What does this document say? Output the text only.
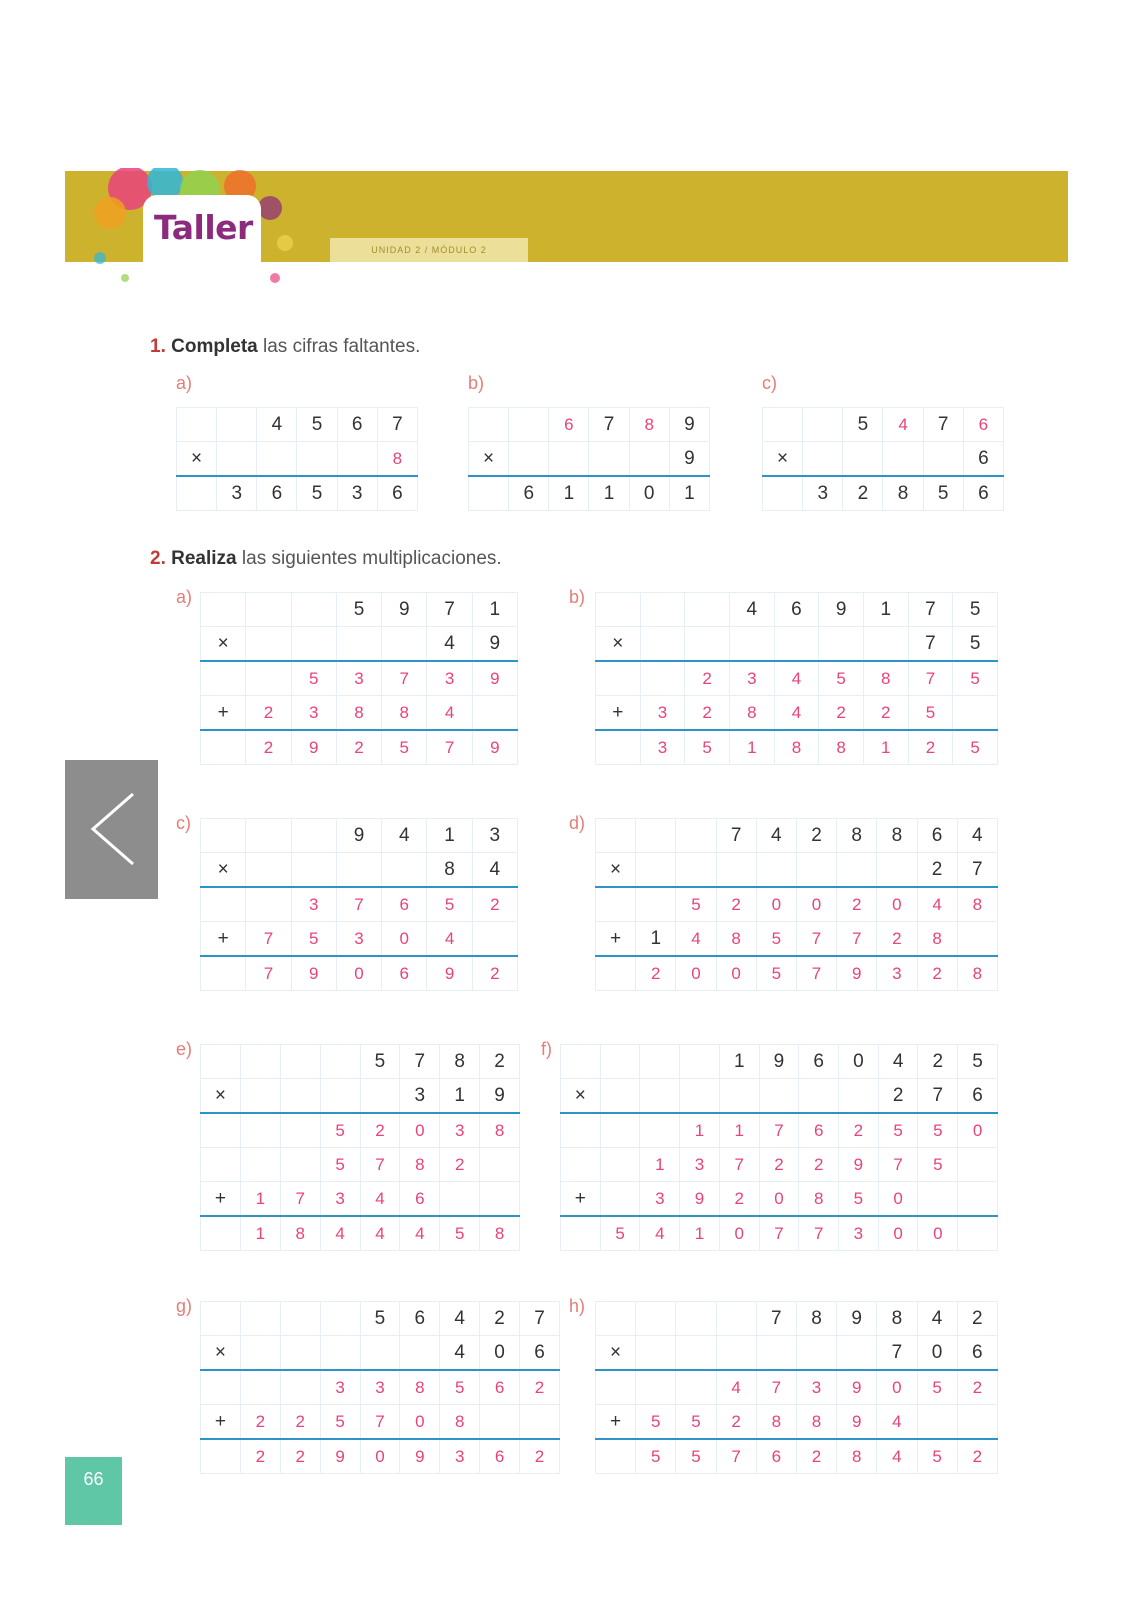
Taller
UNIDAD 2 / MÓDULO 2
1. Completa las cifras faltantes.
a)
		4	5	6	7
×					8
	3	6	5	3	6
b)
		6	7	8	9
×					9
	6	1	1	0	1
c)
		5	4	7	6
×					6
	3	2	8	5	6
2. Realiza las siguientes multiplicaciones.
a)
			5	9	7	1
×					4	9
		5	3	7	3	9
+	2	3	8	8	4	
	2	9	2	5	7	9
b)
			4	6	9	1	7	5
×							7	5
		2	3	4	5	8	7	5
+	3	2	8	4	2	2	5	
	3	5	1	8	8	1	2	5
c)
			9	4	1	3
×					8	4
		3	7	6	5	2
+	7	5	3	0	4	
	7	9	0	6	9	2
d)
			7	4	2	8	8	6	4
×								2	7
		5	2	0	0	2	0	4	8
+	1	4	8	5	7	7	2	8	
	2	0	0	5	7	9	3	2	8
e)
				5	7	8	2
×					3	1	9
			5	2	0	3	8
			5	7	8	2	
+	1	7	3	4	6		
	1	8	4	4	4	5	8
f)
				1	9	6	0	4	2	5
×								2	7	6
			1	1	7	6	2	5	5	0
		1	3	7	2	2	9	7	5	
+		3	9	2	0	8	5	0		
	5	4	1	0	7	7	3	0	0	
g)
				5	6	4	2	7
×						4	0	6
			3	3	8	5	6	2
+	2	2	5	7	0	8		
	2	2	9	0	9	3	6	2
h)
				7	8	9	8	4	2
×							7	0	6
			4	7	3	9	0	5	2
+	5	5	2	8	8	9	4		
	5	5	7	6	2	8	4	5	2
66
